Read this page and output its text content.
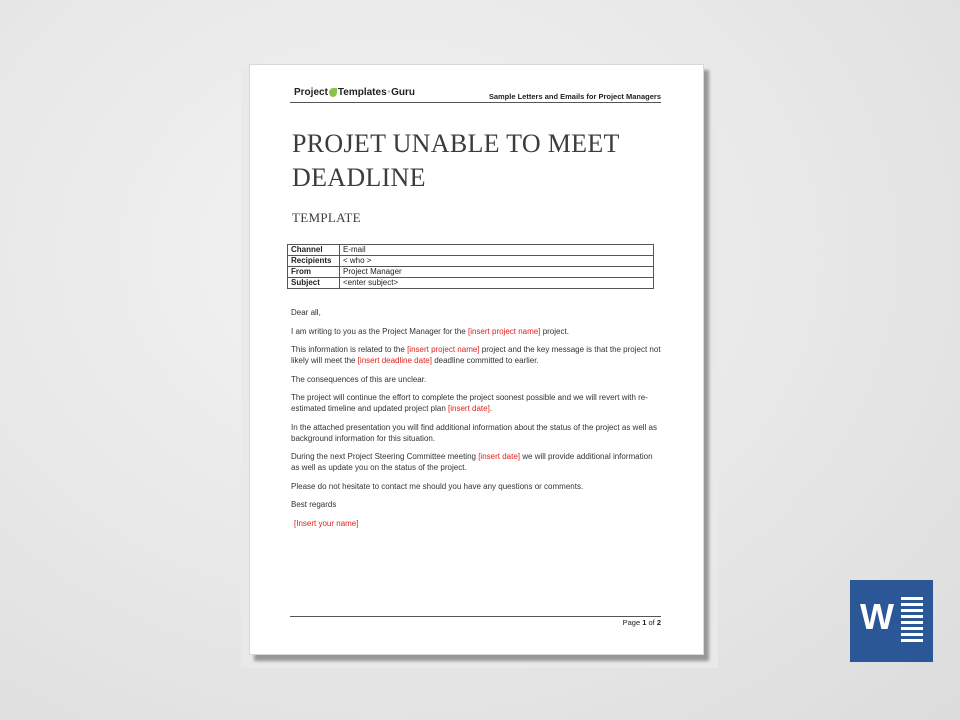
Project Templates • Guru	Sample Letters and Emails for Project Managers
PROJET UNABLE TO MEET DEADLINE
TEMPLATE
Channel	E-mail
Recipients	< who >
From	Project Manager
Subject	<enter subject>

Dear all,

I am writing to you as the Project Manager for the [insert project name] project.

This information is related to the [insert project name] project and the key message is that the project not likely will meet the [insert deadline date] deadline committed to earlier.

The consequences of this are unclear.

The project will continue the effort to complete the project soonest possible and we will revert with re-estimated timeline and updated project plan [insert date].

In the attached presentation you will find additional information about the status of the project as well as background information for this situation.

During the next Project Steering Committee meeting [insert date] we will provide additional information as well as update you on the status of the project.

Please do not hesitate to contact me should you have any questions or comments.

Best regards

[Insert your name]

Page 1 of 2	W
